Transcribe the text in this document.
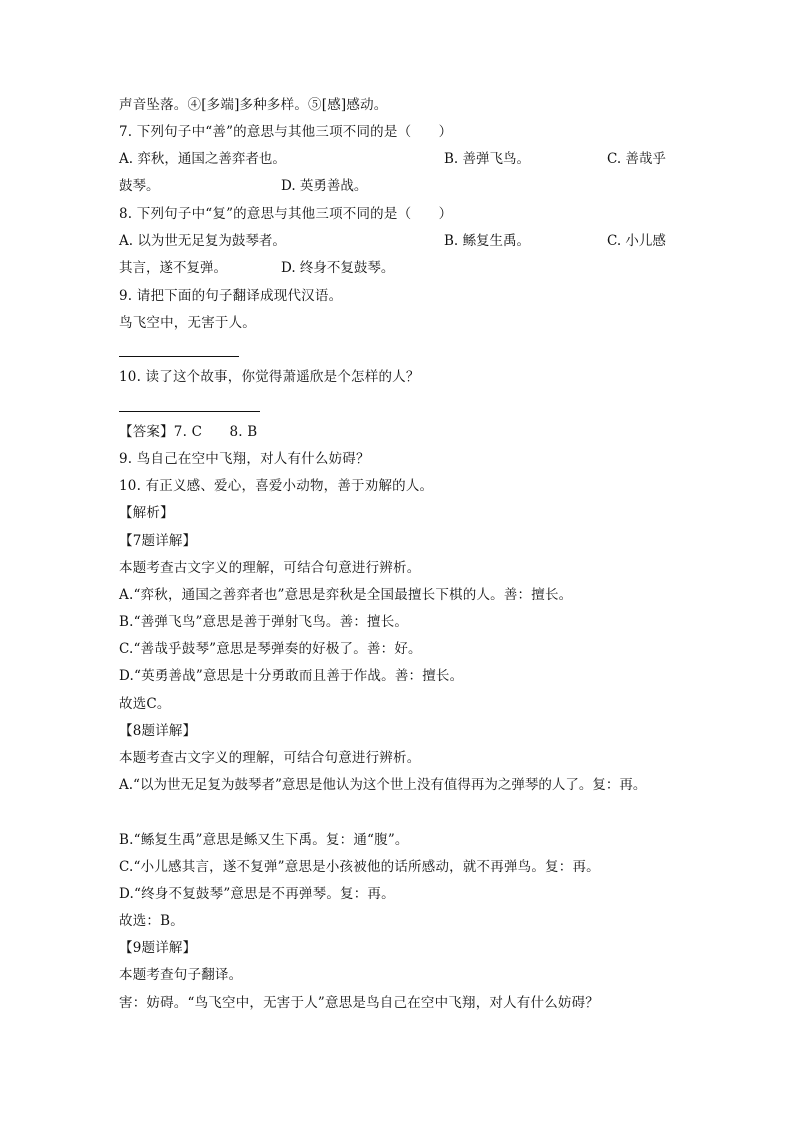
声音坠落。④[多端]多种多样。⑤[感]感动。
7. 下列句子中“善”的意思与其他三项不同的是（　　）
A. 弈秋，通国之善弈者也。	B. 善弹飞鸟。	C. 善哉乎
鼓琴。	D. 英勇善战。
8. 下列句子中“复”的意思与其他三项不同的是（　　）
A. 以为世无足复为鼓琴者。	B. 鲧复生禹。	C. 小儿感
其言，遂不复弹。	D. 终身不复鼓琴。
9. 请把下面的句子翻译成现代汉语。
鸟飞空中，无害于人。
10. 读了这个故事，你觉得萧遥欣是个怎样的人？
【答案】7. C　　8. B
9. 鸟自己在空中飞翔，对人有什么妨碍？
10. 有正义感、爱心，喜爱小动物，善于劝解的人。
【解析】
【7题详解】
本题考查古文字义的理解，可结合句意进行辨析。
A.“弈秋，通国之善弈者也”意思是弈秋是全国最擅长下棋的人。善：擅长。
B.“善弹飞鸟”意思是善于弹射飞鸟。善：擅长。
C.“善哉乎鼓琴”意思是琴弹奏的好极了。善：好。
D.“英勇善战”意思是十分勇敢而且善于作战。善：擅长。
故选C。
【8题详解】
本题考查古文字义的理解，可结合句意进行辨析。
A.“以为世无足复为鼓琴者”意思是他认为这个世上没有值得再为之弹琴的人了。复：再。
B.“鲧复生禹”意思是鲧又生下禹。复：通“腹”。
C.“小儿感其言，遂不复弹”意思是小孩被他的话所感动，就不再弹鸟。复：再。
D.“终身不复鼓琴”意思是不再弹琴。复：再。
故选：B。
【9题详解】
本题考查句子翻译。
害：妨碍。“鸟飞空中，无害于人”意思是鸟自己在空中飞翔，对人有什么妨碍？
